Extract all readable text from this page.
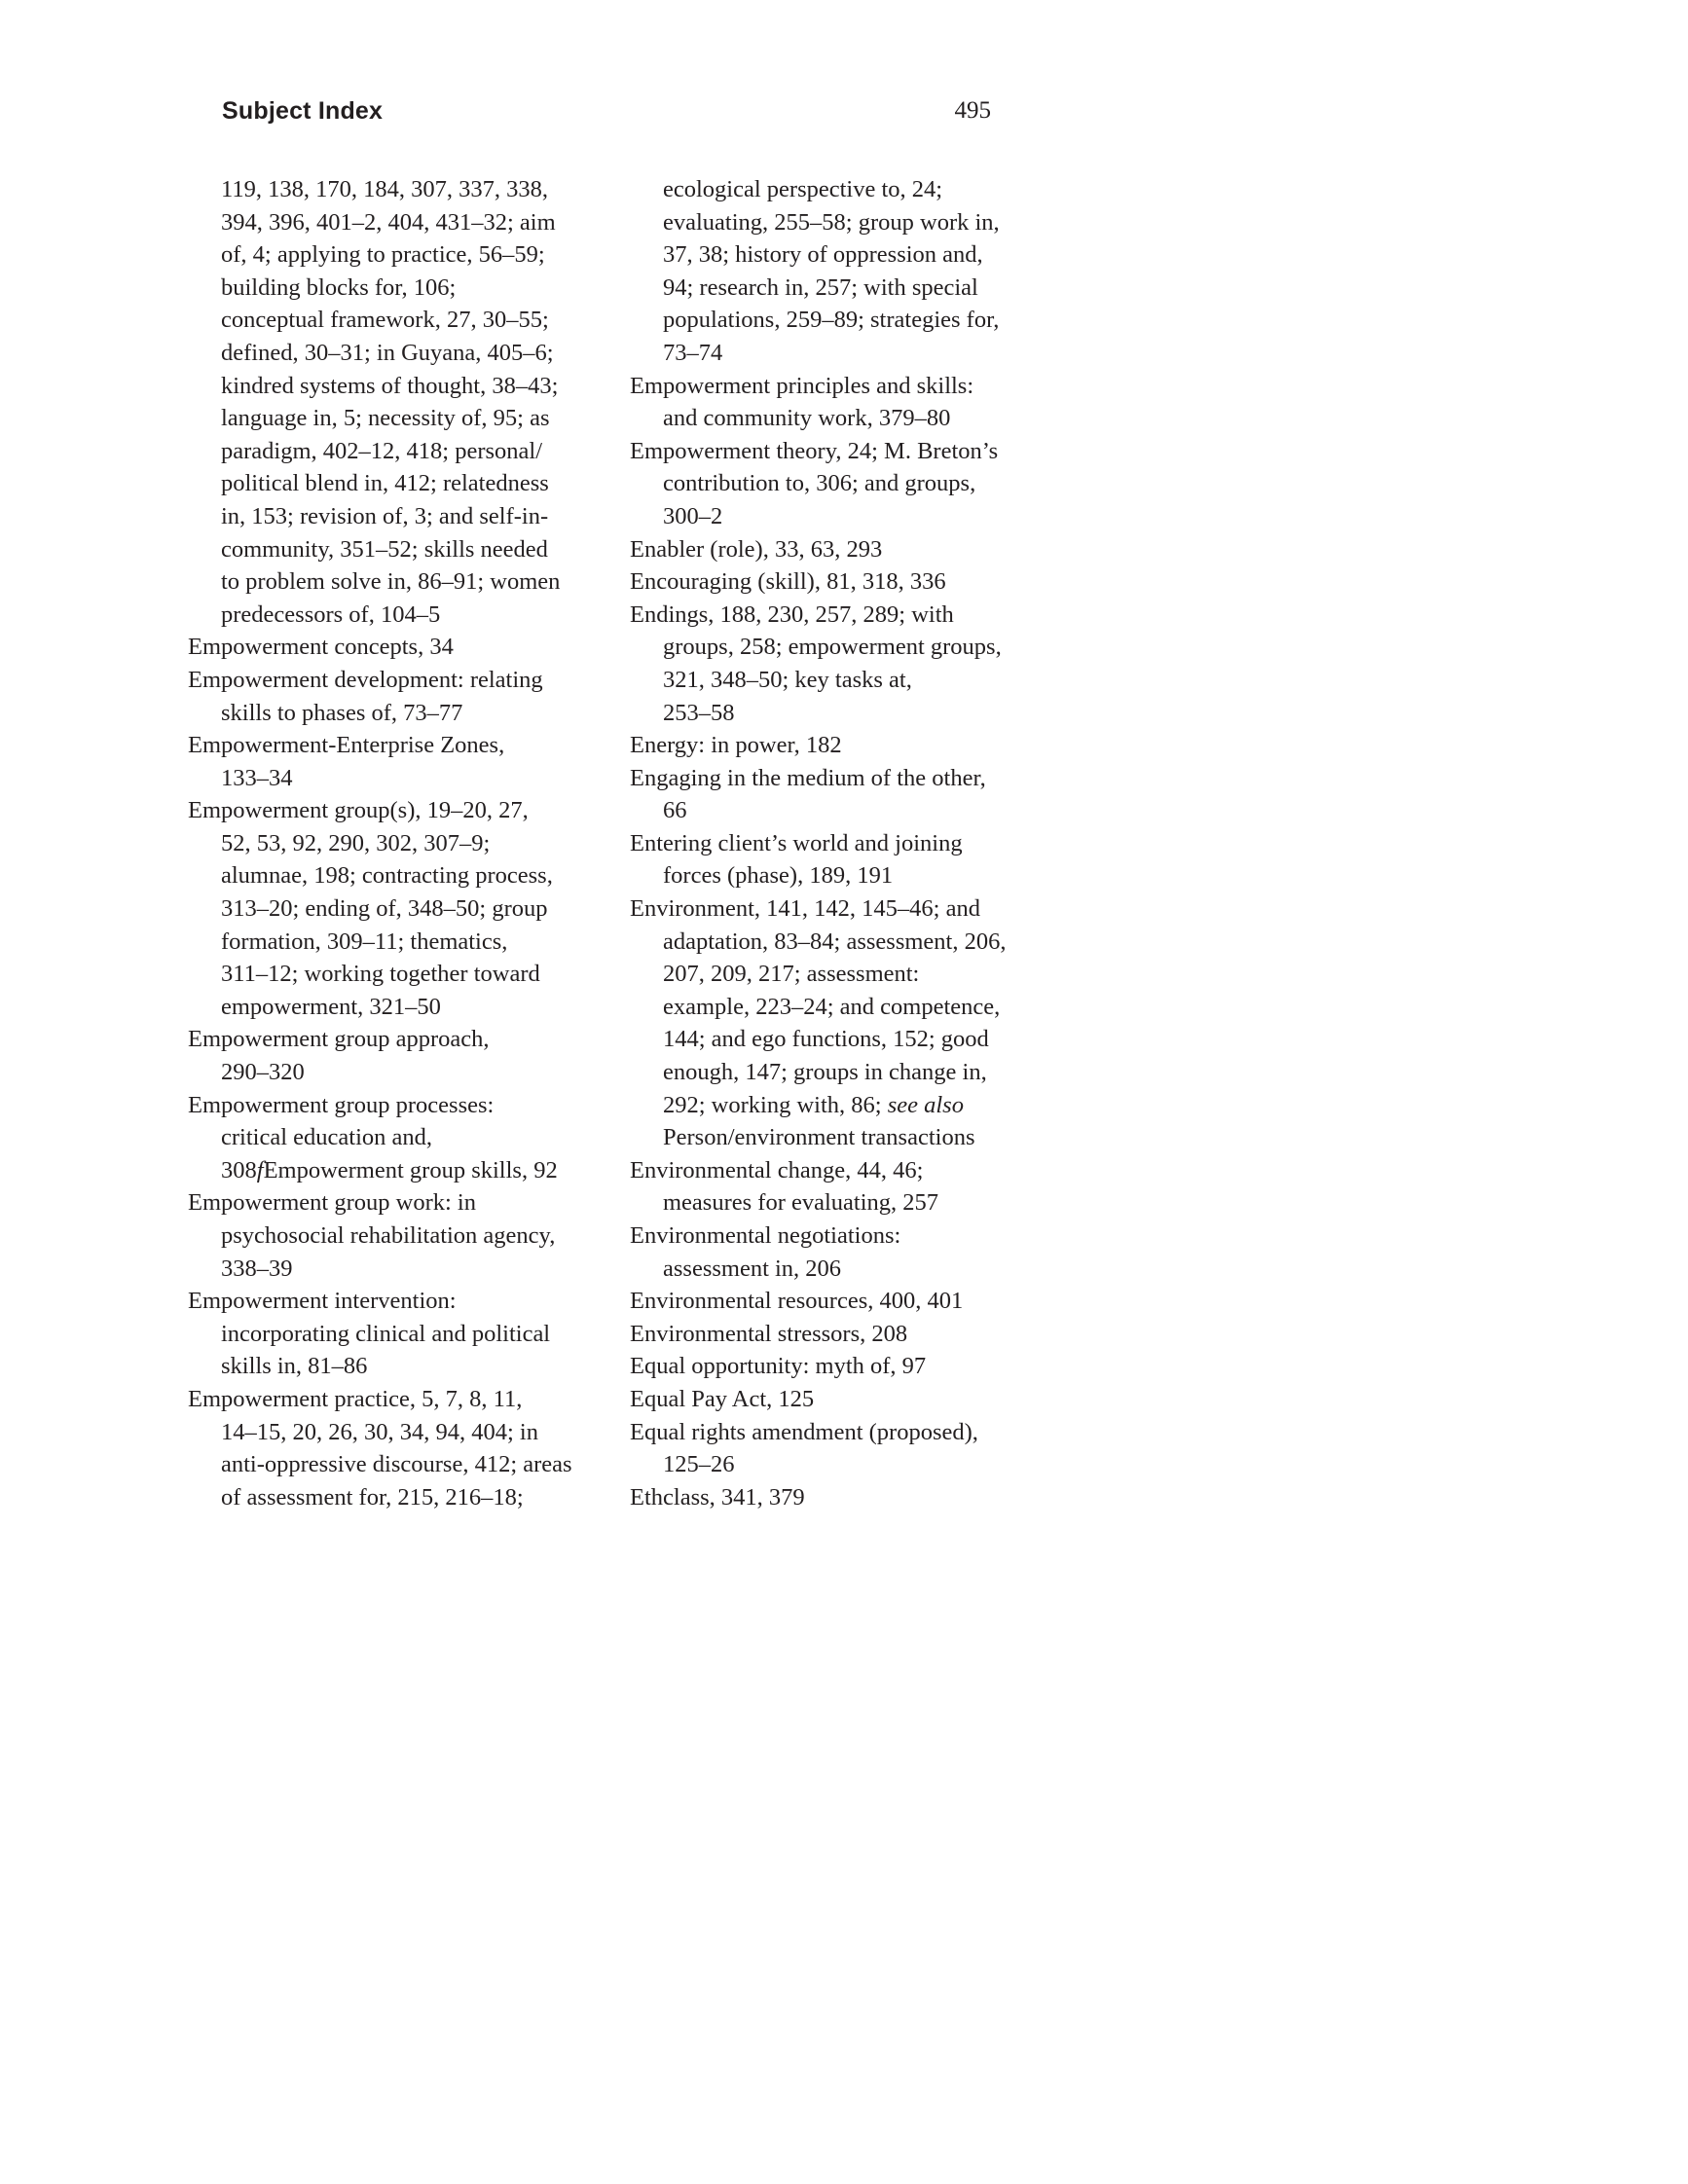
Subject Index	495
119, 138, 170, 184, 307, 337, 338,
394, 396, 401–2, 404, 431–32; aim
of, 4; applying to practice, 56–59;
building blocks for, 106;
conceptual framework, 27, 30–55;
defined, 30–31; in Guyana, 405–6;
kindred systems of thought, 38–43;
language in, 5; necessity of, 95; as
paradigm, 402–12, 418; personal/
political blend in, 412; relatedness
in, 153; revision of, 3; and self-in-
community, 351–52; skills needed
to problem solve in, 86–91; women
predecessors of, 104–5
Empowerment concepts, 34
Empowerment development: relating
skills to phases of, 73–77
Empowerment-Enterprise Zones,
133–34
Empowerment group(s), 19–20, 27,
52, 53, 92, 290, 302, 307–9;
alumnae, 198; contracting process,
313–20; ending of, 348–50; group
formation, 309–11; thematics,
311–12; working together toward
empowerment, 321–50
Empowerment group approach,
290–320
Empowerment group processes:
critical education and,
308fEmpowerment group skills, 92
Empowerment group work: in
psychosocial rehabilitation agency,
338–39
Empowerment intervention:
incorporating clinical and political
skills in, 81–86
Empowerment practice, 5, 7, 8, 11,
14–15, 20, 26, 30, 34, 94, 404; in
anti-oppressive discourse, 412; areas
of assessment for, 215, 216–18;
ecological perspective to, 24;
evaluating, 255–58; group work in,
37, 38; history of oppression and,
94; research in, 257; with special
populations, 259–89; strategies for,
73–74
Empowerment principles and skills:
and community work, 379–80
Empowerment theory, 24; M. Breton’s
contribution to, 306; and groups,
300–2
Enabler (role), 33, 63, 293
Encouraging (skill), 81, 318, 336
Endings, 188, 230, 257, 289; with
groups, 258; empowerment groups,
321, 348–50; key tasks at,
253–58
Energy: in power, 182
Engaging in the medium of the other,
66
Entering client’s world and joining
forces (phase), 189, 191
Environment, 141, 142, 145–46; and
adaptation, 83–84; assessment, 206,
207, 209, 217; assessment:
example, 223–24; and competence,
144; and ego functions, 152; good
enough, 147; groups in change in,
292; working with, 86; see also
Person/environment transactions
Environmental change, 44, 46;
measures for evaluating, 257
Environmental negotiations:
assessment in, 206
Environmental resources, 400, 401
Environmental stressors, 208
Equal opportunity: myth of, 97
Equal Pay Act, 125
Equal rights amendment (proposed),
125–26
Ethclass, 341, 379
